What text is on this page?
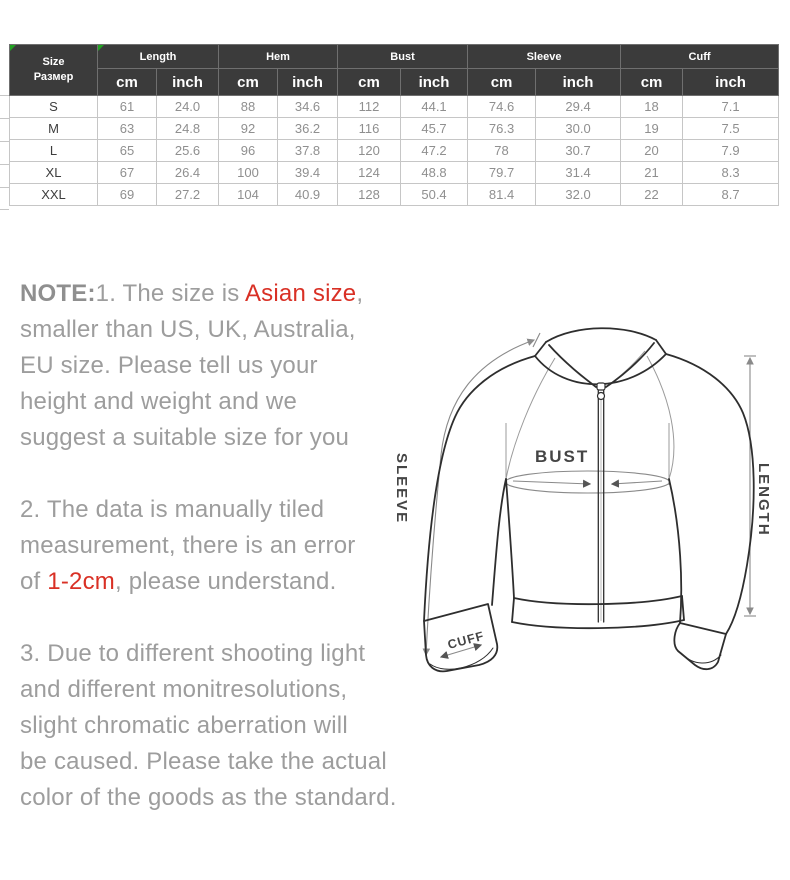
Size
Размер	Length		Hem		Bust		Sleeve		Cuff	
	cm	inch	cm	inch	cm	inch	cm	inch	cm	inch
S	61	24.0	88	34.6	112	44.1	74.6	29.4	18	7.1
M	63	24.8	92	36.2	116	45.7	76.3	30.0	19	7.5
L	65	25.6	96	37.8	120	47.2	78	30.7	20	7.9
XL	67	26.4	100	39.4	124	48.8	79.7	31.4	21	8.3
XXL	69	27.2	104	40.9	128	50.4	81.4	32.0	22	8.7
NOTE:1. The size is Asian size,
smaller than US, UK, Australia,
EU size. Please tell us your
height and weight and we
suggest a suitable size for you
2. The data is manually tiled
measurement, there is an error
of 1-2cm, please understand.
3. Due to different shooting light
and different monitresolutions,
slight chromatic aberration will
be caused. Please take the actual
color of the goods as the standard.
BUST
SLEEVE	LENGTH
CUFF
